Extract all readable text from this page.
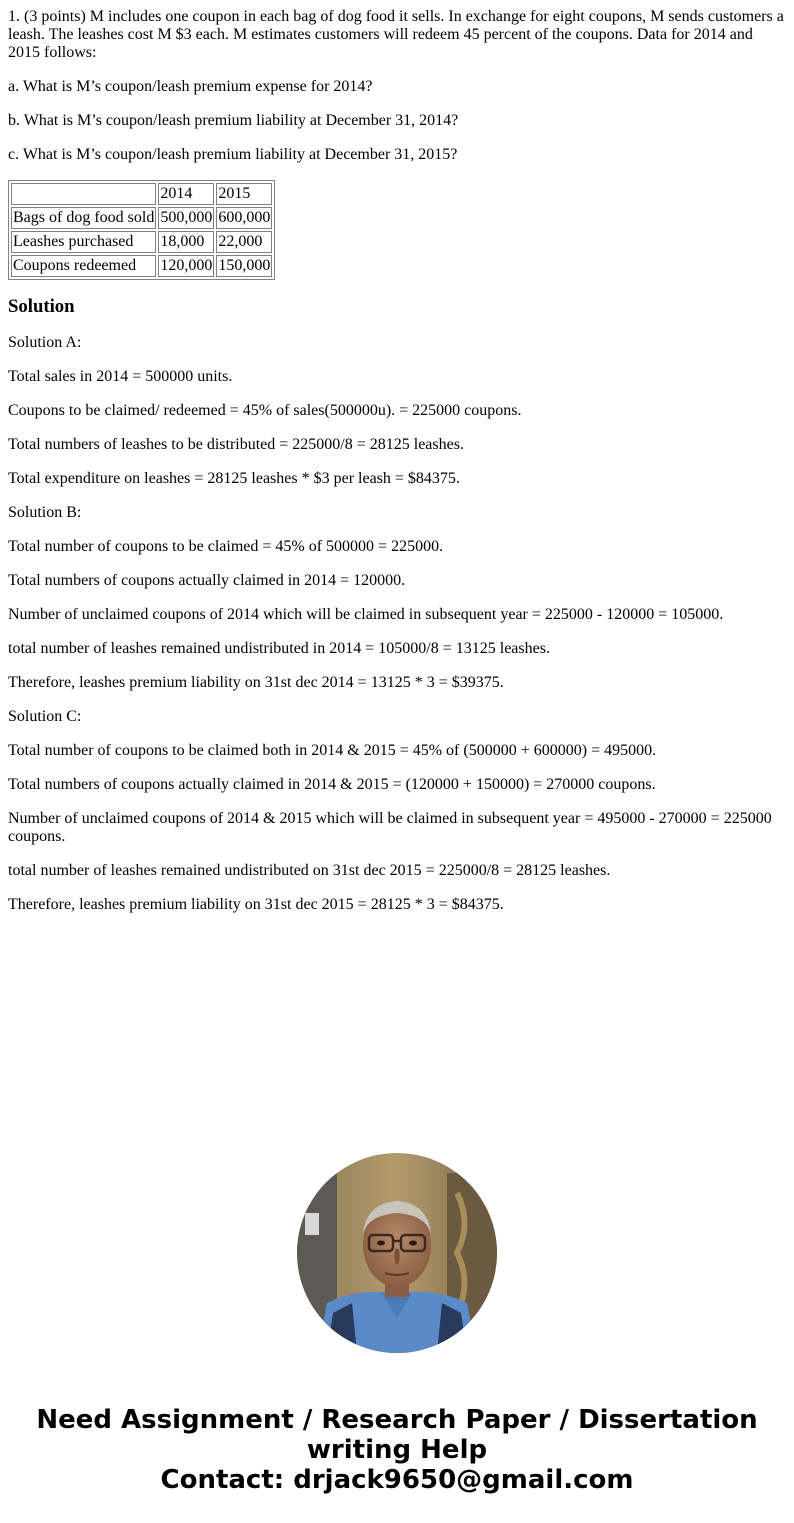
1. (3 points) M includes one coupon in each bag of dog food it sells. In exchange for eight coupons, M sends customers a leash. The leashes cost M $3 each. M estimates customers will redeem 45 percent of the coupons. Data for 2014 and 2015 follows:

a. What is M’s coupon/leash premium expense for 2014?

b. What is M’s coupon/leash premium liability at December 31, 2014?

c. What is M’s coupon/leash premium liability at December 31, 2015?

	2014	2015
Bags of dog food sold	500,000	600,000
Leashes purchased	18,000	22,000
Coupons redeemed	120,000	150,000
Solution

Solution A:

Total sales in 2014 = 500000 units.

Coupons to be claimed/ redeemed = 45% of sales(500000u). = 225000 coupons.

Total numbers of leashes to be distributed = 225000/8 = 28125 leashes.

Total expenditure on leashes = 28125 leashes * $3 per leash = $84375.

Solution B:

Total number of coupons to be claimed = 45% of 500000 = 225000.

Total numbers of coupons actually claimed in 2014 = 120000.

Number of unclaimed coupons of 2014 which will be claimed in subsequent year = 225000 - 120000 = 105000.

total number of leashes remained undistributed in 2014 = 105000/8 = 13125 leashes.

Therefore, leashes premium liability on 31st dec 2014 = 13125 * 3 = $39375.

Solution C:

Total number of coupons to be claimed both in 2014 & 2015 = 45% of (500000 + 600000) = 495000.

Total numbers of coupons actually claimed in 2014 & 2015 = (120000 + 150000) = 270000 coupons.

Number of unclaimed coupons of 2014 & 2015 which will be claimed in subsequent year = 495000 - 270000 = 225000 coupons.

total number of leashes remained undistributed on 31st dec 2015 = 225000/8 = 28125 leashes.

Therefore, leashes premium liability on 31st dec 2015 = 28125 * 3 = $84375.

Need Assignment / Research Paper / Dissertation
writing Help
Contact: drjack9650@gmail.com
